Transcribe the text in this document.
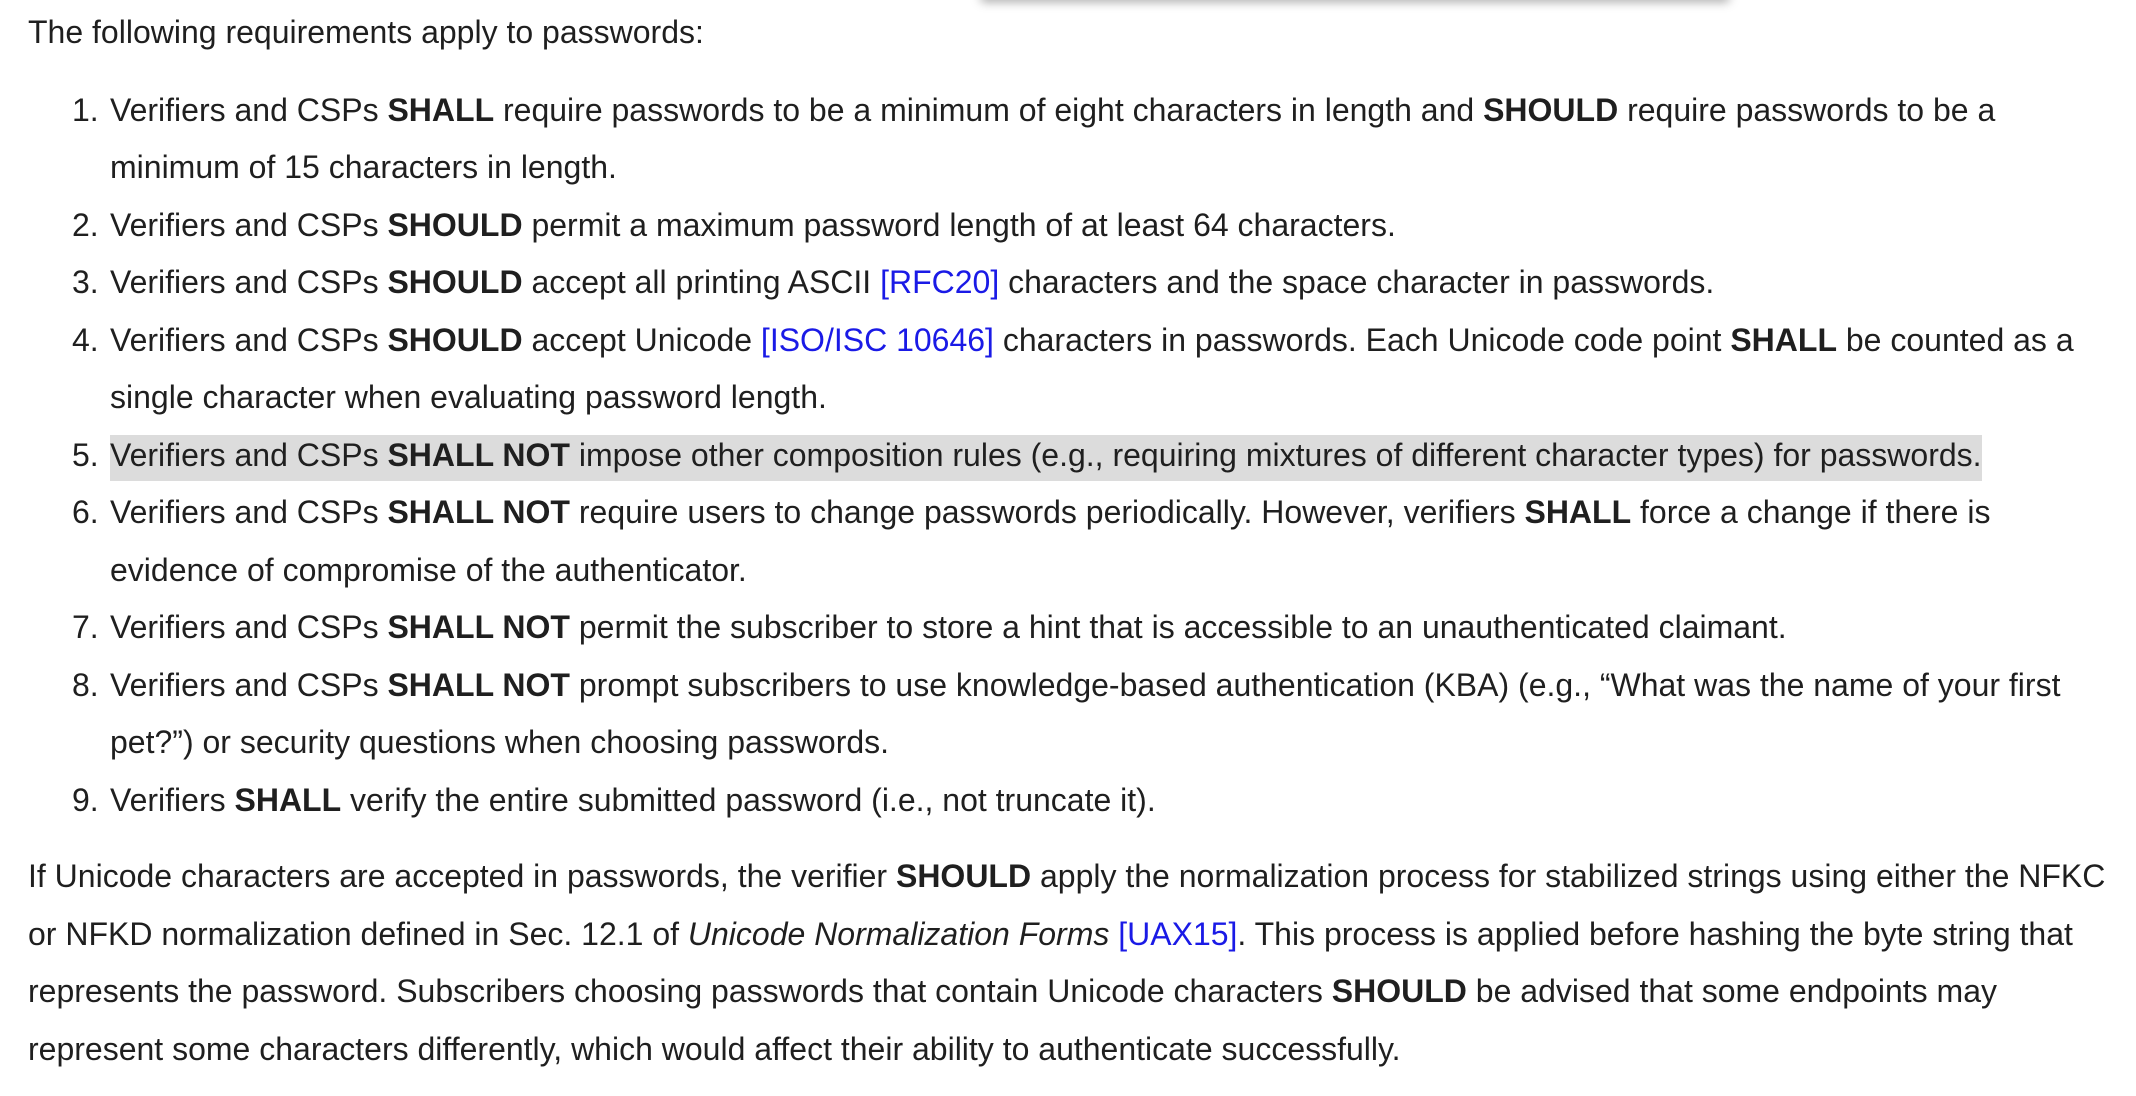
The following requirements apply to passwords:

Verifiers and CSPs SHALL require passwords to be a minimum of eight characters in length and SHOULD require passwords to be a minimum of 15 characters in length.
Verifiers and CSPs SHOULD permit a maximum password length of at least 64 characters.
Verifiers and CSPs SHOULD accept all printing ASCII [RFC20] characters and the space character in passwords.
Verifiers and CSPs SHOULD accept Unicode [ISO/ISC 10646] characters in passwords. Each Unicode code point SHALL be counted as a single character when evaluating password length.
Verifiers and CSPs SHALL NOT impose other composition rules (e.g., requiring mixtures of different character types) for passwords.
Verifiers and CSPs SHALL NOT require users to change passwords periodically. However, verifiers SHALL force a change if there is evidence of compromise of the authenticator.
Verifiers and CSPs SHALL NOT permit the subscriber to store a hint that is accessible to an unauthenticated claimant.
Verifiers and CSPs SHALL NOT prompt subscribers to use knowledge-based authentication (KBA) (e.g., “What was the name of your first pet?”) or security questions when choosing passwords.
Verifiers SHALL verify the entire submitted password (i.e., not truncate it).

If Unicode characters are accepted in passwords, the verifier SHOULD apply the normalization process for stabilized strings using either the NFKC or NFKD normalization defined in Sec. 12.1 of Unicode Normalization Forms [UAX15]. This process is applied before hashing the byte string that represents the password. Subscribers choosing passwords that contain Unicode characters SHOULD be advised that some endpoints may represent some characters differently, which would affect their ability to authenticate successfully.
